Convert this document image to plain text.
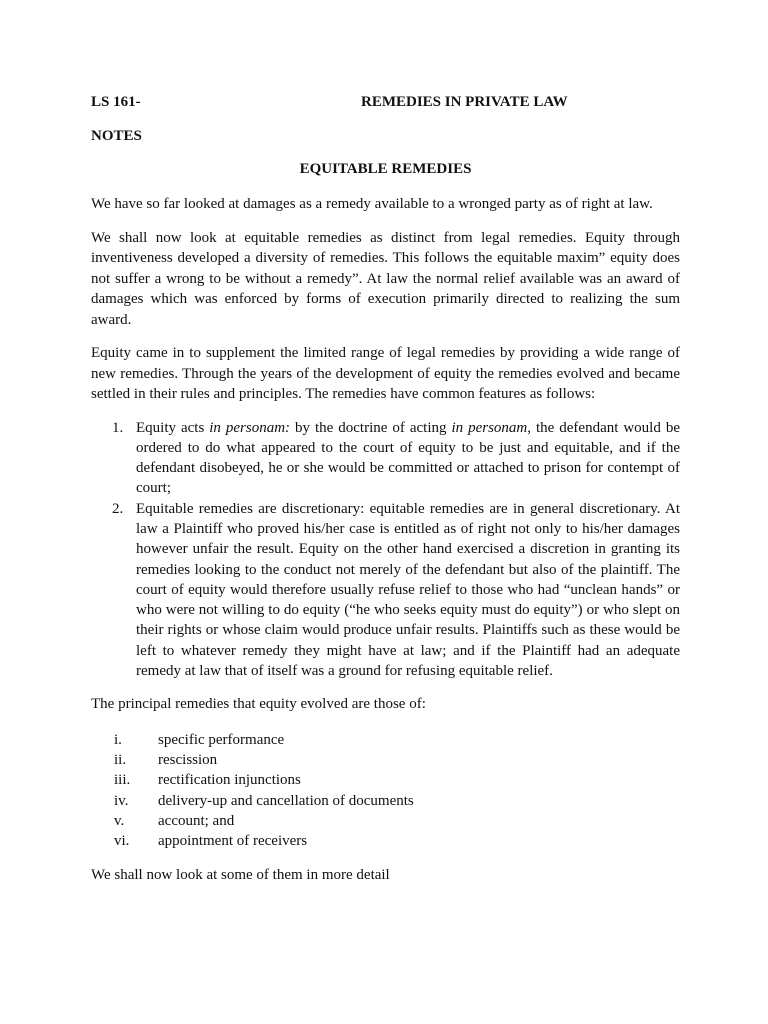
LS 161-	REMEDIES IN PRIVATE LAW
NOTES
EQUITABLE REMEDIES

We have so far looked at damages as a remedy available to a wronged party as of right at law.

We shall now look at equitable remedies as distinct from legal remedies. Equity through inventiveness developed a diversity of remedies. This follows the equitable maxim” equity does not suffer a wrong to be without a remedy”. At law the normal relief available was an award of damages which was enforced by forms of execution primarily directed to realizing the sum award.

Equity came in to supplement the limited range of legal remedies by providing a wide range of new remedies. Through the years of the development of equity the remedies evolved and became settled in their rules and principles. The remedies have common features as follows:

1. Equity acts in personam: by the doctrine of acting in personam, the defendant would be ordered to do what appeared to the court of equity to be just and equitable, and if the defendant disobeyed, he or she would be committed or attached to prison for contempt of court;
2. Equitable remedies are discretionary: equitable remedies are in general discretionary. At law a Plaintiff who proved his/her case is entitled as of right not only to his/her damages however unfair the result. Equity on the other hand exercised a discretion in granting its remedies looking to the conduct not merely of the defendant but also of the plaintiff. The court of equity would therefore usually refuse relief to those who had “unclean hands” or who were not willing to do equity (“he who seeks equity must do equity”) or who slept on their rights or whose claim would produce unfair results. Plaintiffs such as these would be left to whatever remedy they might have at law; and if the Plaintiff had an adequate remedy at law that of itself was a ground for refusing equitable relief.

The principal remedies that equity evolved are those of:

i. specific performance
ii. rescission
iii. rectification injunctions
iv. delivery-up and cancellation of documents
v. account; and
vi. appointment of receivers

We shall now look at some of them in more detail
